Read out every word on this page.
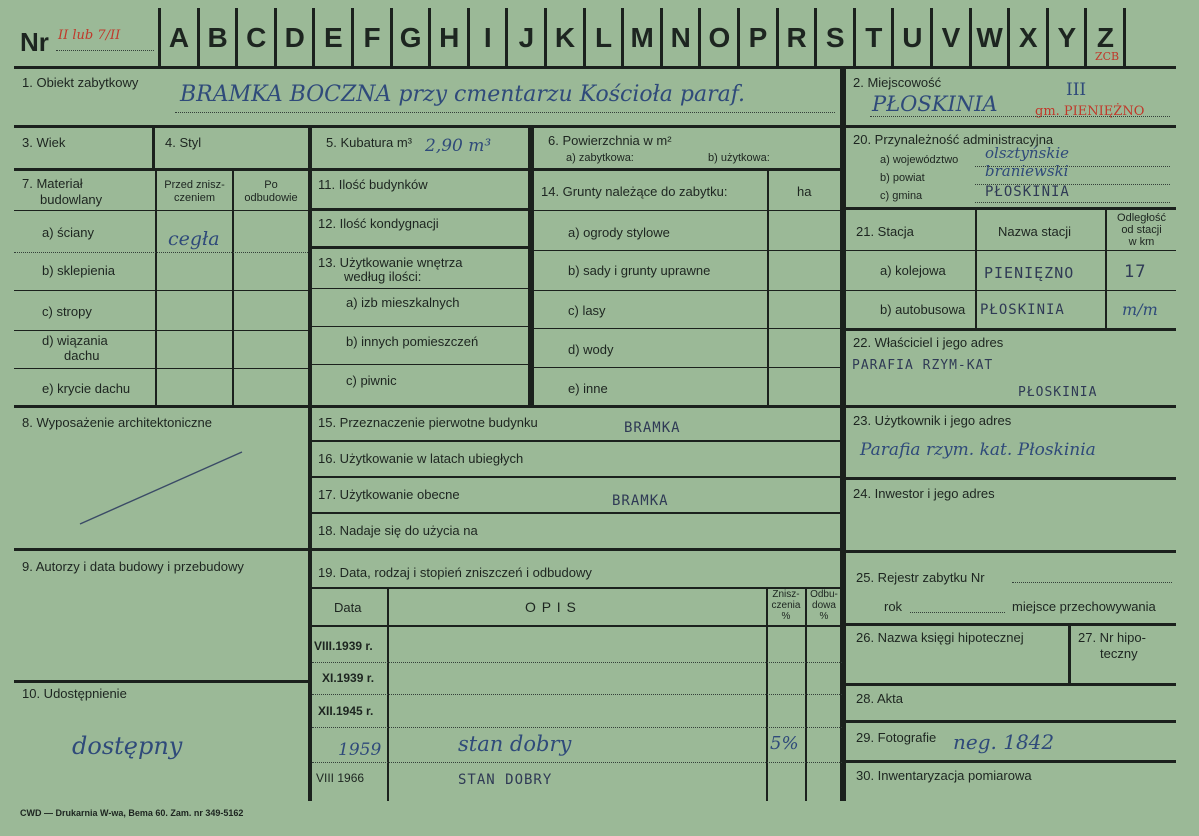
Nr II lub 7/II	A B C D E F G H I J K L M N O P R S T U V W X Y Z
1. Obiekt zabytkowy BRAMKA BOCZNA przy cmentarzu Kościoła paraf.	2. Miejscowość
PŁOSKINIA
III
gm. PIENIĘŻNO
ZCB
3. Wiek	4. Styl	5. Kubatura m³ 2,90 m³	6. Powierzchnia w m²
a) zabytkowa:	b) użytkowa:
7. Materiał
budowlany
Przed znisz-
czeniem
Po
odbudowie
a) ściany	cegła
b) sklepienia
c) stropy
d) wiązania
dachu
e) krycie dachu
8. Wyposażenie architektoniczne
9. Autorzy i data budowy i przebudowy
10. Udostępnienie
dostępny
11. Ilość budynków
12. Ilość kondygnacji
13. Użytkowanie wnętrza
według ilości:
a) izb mieszkalnych
b) innych pomieszczeń
c) piwnic
14. Grunty należące do zabytku:	ha
a) ogrody stylowe
b) sady i grunty uprawne
c) lasy
d) wody
e) inne
15. Przeznaczenie pierwotne budynku	BRAMKA
16. Użytkowanie w latach ubiegłych
17. Użytkowanie obecne	BRAMKA
18. Nadaje się do użycia na
19. Data, rodzaj i stopień zniszczeń i odbudowy
Data	O P I S
Znisz-
czenia
%
Odbu-
dowa
%
VIII.1939 r.
XI.1939 r.
XII.1945 r.
1959	stan dobry	5%
VIII 1966	STAN DOBRY
20. Przynależność administracyjna
a) województwo olsztyńskie
b) powiat	braniewski
c) gmina	PŁOSKINIA
21. Stacja	Nazwa stacji
Odległość
od stacji
w km
a) kolejowa	PIENIĘZNO	17
b) autobusowa PŁOSKINIA	m/m
22. Właściciel i jego adres
PARAFIA RZYM-KAT
PŁOSKINIA
23. Użytkownik i jego adres
Parafia rzym. kat. Płoskinia
24. Inwestor i jego adres
25. Rejestr zabytku Nr
rok	miejsce przechowywania
26. Nazwa księgi hipotecznej	27. Nr hipo-
teczny
28. Akta
29. Fotografie neg. 1842
30. Inwentaryzacja pomiarowa
CWD — Drukarnia W-wa, Bema 60. Zam. nr 349-5162
